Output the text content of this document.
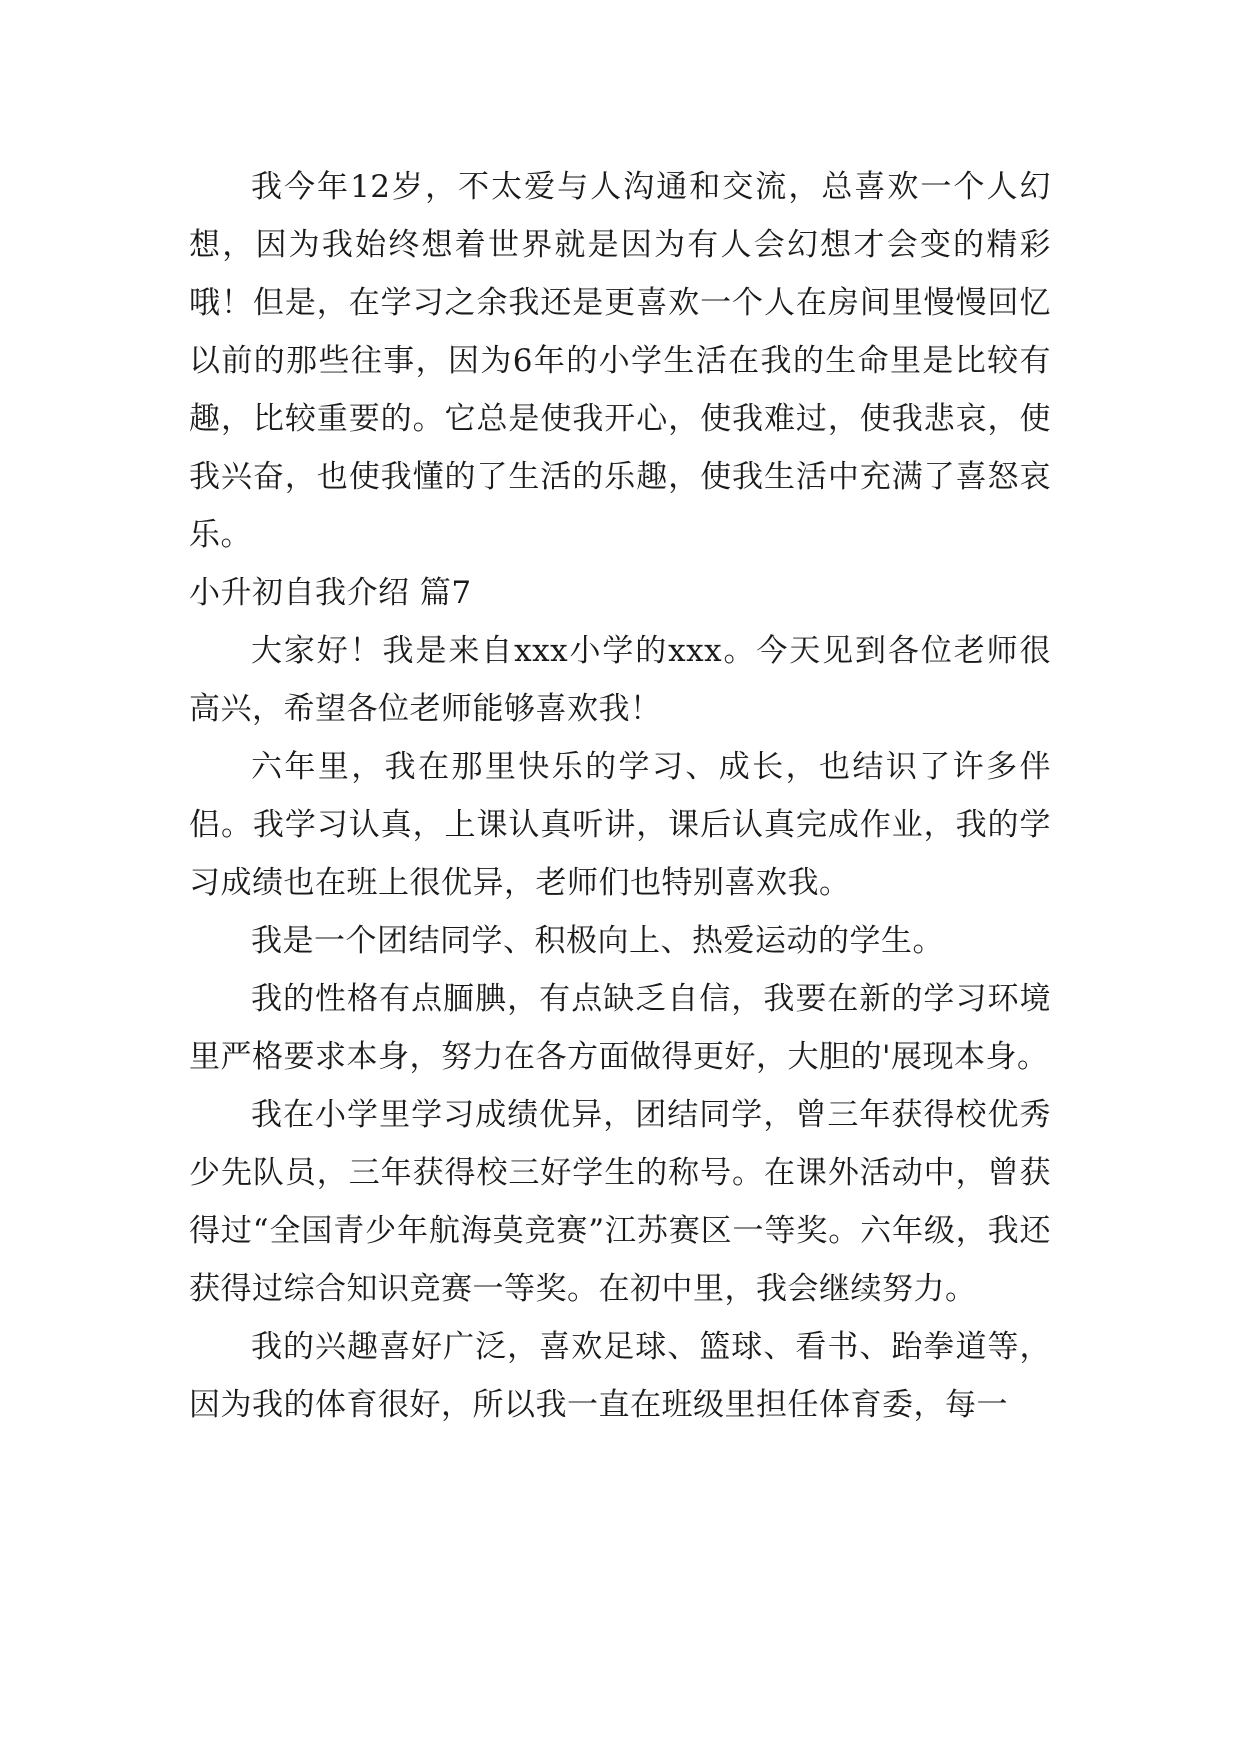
我今年12岁，不太爱与人沟通和交流，总喜欢一个人幻想，因为我始终想着世界就是因为有人会幻想才会变的精彩哦！但是，在学习之余我还是更喜欢一个人在房间里慢慢回忆以前的那些往事，因为6年的小学生活在我的生命里是比较有趣，比较重要的。它总是使我开心，使我难过，使我悲哀，使我兴奋，也使我懂的了生活的乐趣，使我生活中充满了喜怒哀乐。

小升初自我介绍 篇7

大家好！我是来自xxx小学的xxx。今天见到各位老师很高兴，希望各位老师能够喜欢我！

六年里，我在那里快乐的学习、成长，也结识了许多伴侣。我学习认真，上课认真听讲，课后认真完成作业，我的学习成绩也在班上很优异，老师们也特别喜欢我。

我是一个团结同学、积极向上、热爱运动的学生。

我的性格有点腼腆，有点缺乏自信，我要在新的学习环境里严格要求本身，努力在各方面做得更好，大胆的'展现本身。

我在小学里学习成绩优异，团结同学，曾三年获得校优秀少先队员，三年获得校三好学生的称号。在课外活动中，曾获得过“全国青少年航海莫竞赛”江苏赛区一等奖。六年级，我还获得过综合知识竞赛一等奖。在初中里，我会继续努力。

我的兴趣喜好广泛，喜欢足球、篮球、看书、跆拳道等，因为我的体育很好，所以我一直在班级里担任体育委，每一
